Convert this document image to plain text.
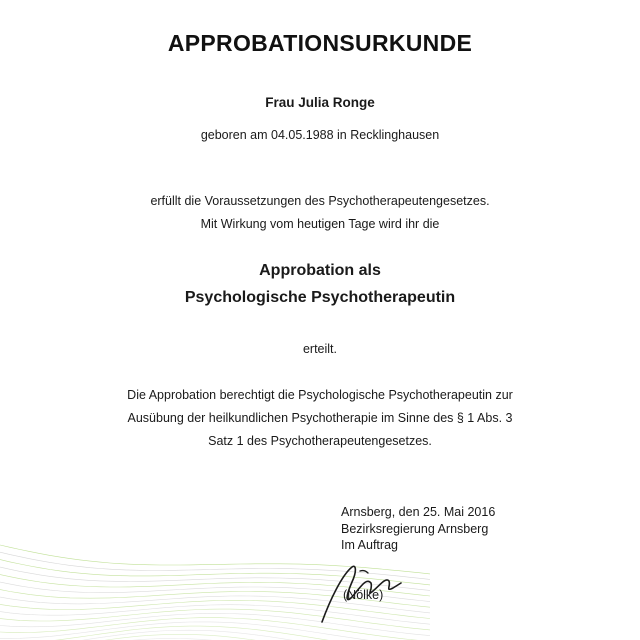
APPROBATIONSURKUNDE
Frau Julia Ronge
geboren am 04.05.1988 in Recklinghausen
erfüllt die Voraussetzungen des Psychotherapeutengesetzes.
Mit Wirkung vom heutigen Tage wird ihr die
Approbation als
Psychologische Psychotherapeutin
erteilt.
Die Approbation berechtigt die Psychologische Psychotherapeutin zur
Ausübung der heilkundlichen Psychotherapie im Sinne des § 1 Abs. 3
Satz 1 des Psychotherapeutengesetzes.
Arnsberg, den 25. Mai 2016
Bezirksregierung Arnsberg
Im Auftrag
(Nölke)
